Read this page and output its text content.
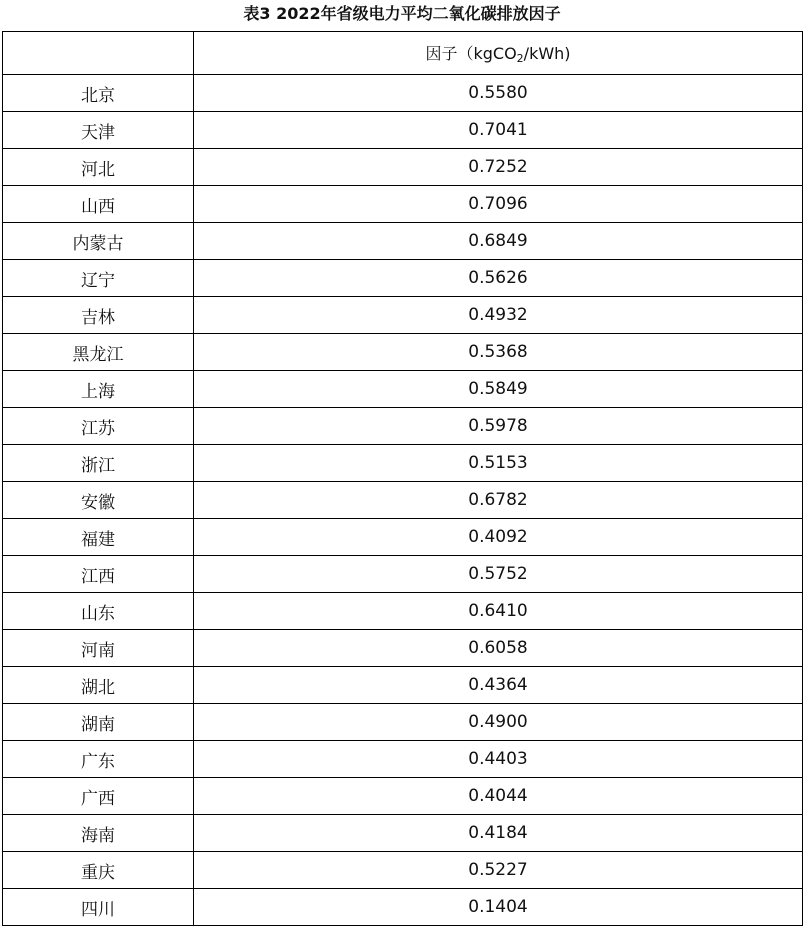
表3 2022年省级电力平均二氧化碳排放因子
	因子（kgCO$_2$/kWh)
北京	0.5580
天津	0.7041
河北	0.7252
山西	0.7096
内蒙古	0.6849
辽宁	0.5626
吉林	0.4932
黑龙江	0.5368
上海	0.5849
江苏	0.5978
浙江	0.5153
安徽	0.6782
福建	0.4092
江西	0.5752
山东	0.6410
河南	0.6058
湖北	0.4364
湖南	0.4900
广东	0.4403
广西	0.4044
海南	0.4184
重庆	0.5227
四川	0.1404
